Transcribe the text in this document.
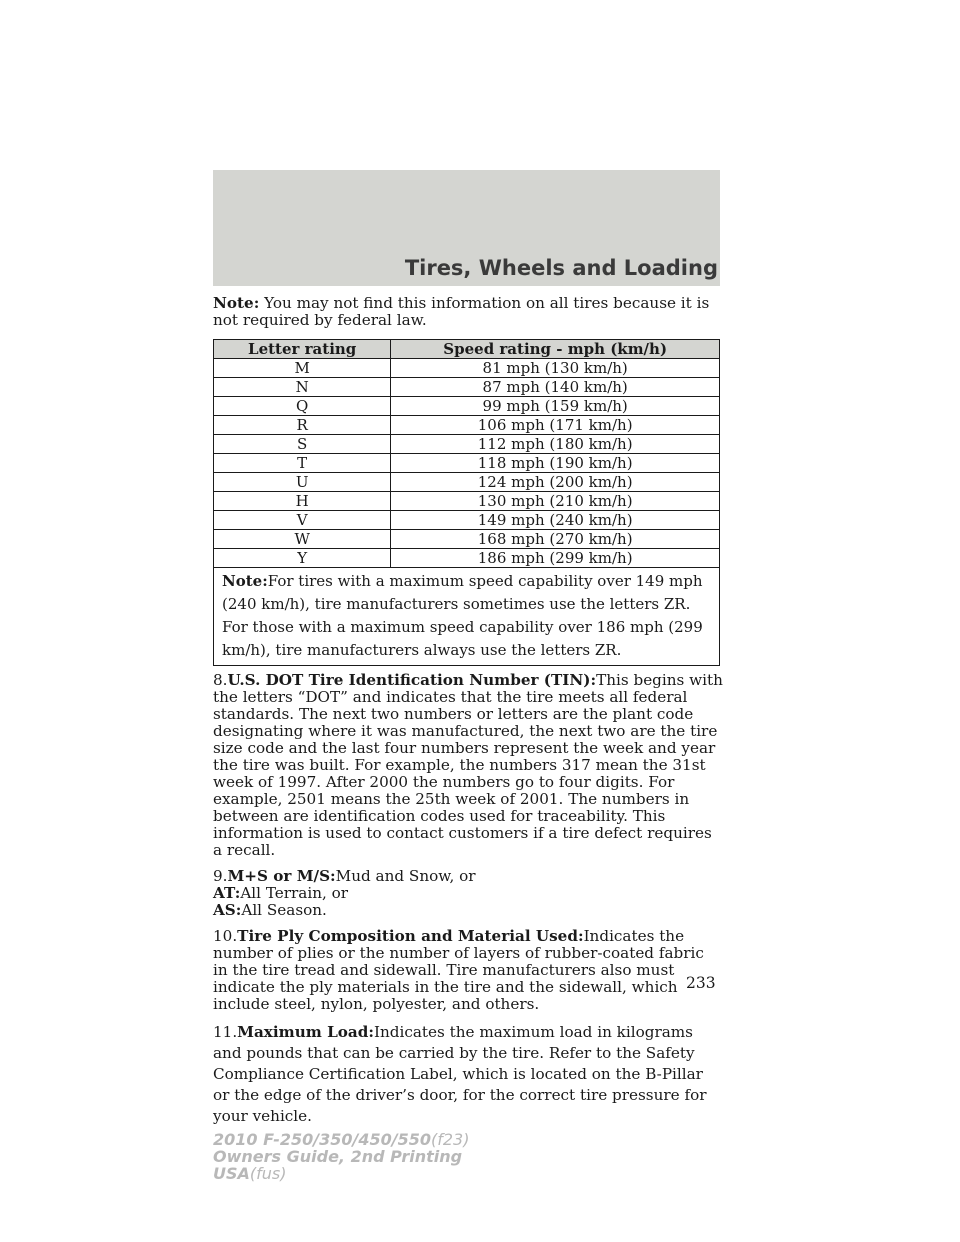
Tires, Wheels and Loading

Note: You may not find this information on all tires because it is not required by federal law.

Letter rating	Speed rating - mph (km/h)
M	81 mph (130 km/h)
N	87 mph (140 km/h)
Q	99 mph (159 km/h)
R	106 mph (171 km/h)
S	112 mph (180 km/h)
T	118 mph (190 km/h)
U	124 mph (200 km/h)
H	130 mph (210 km/h)
V	149 mph (240 km/h)
W	168 mph (270 km/h)
Y	186 mph (299 km/h)
Note:For tires with a maximum speed capability over 149 mph (240 km/h), tire manufacturers sometimes use the letters ZR. For those with a maximum speed capability over 186 mph (299 km/h), tire manufacturers always use the letters ZR.	

8.U.S. DOT Tire Identification Number (TIN):This begins with the letters “DOT” and indicates that the tire meets all federal standards. The next two numbers or letters are the plant code designating where it was manufactured, the next two are the tire size code and the last four numbers represent the week and year the tire was built. For example, the numbers 317 mean the 31st week of 1997. After 2000 the numbers go to four digits. For example, 2501 means the 25th week of 2001. The numbers in between are identification codes used for traceability. This information is used to contact customers if a tire defect requires a recall.

9.M+S or M/S:Mud and Snow, or

AT:All Terrain, or

AS:All Season.

10.Tire Ply Composition and Material Used:Indicates the number of plies or the number of layers of rubber-coated fabric in the tire tread and sidewall. Tire manufacturers also must indicate the ply materials in the tire and the sidewall, which include steel, nylon, polyester, and others.

11.Maximum Load:Indicates the maximum load in kilograms and pounds that can be carried by the tire. Refer to the Safety Compliance Certification Label, which is located on the B-Pillar or the edge of the driver’s door, for the correct tire pressure for your vehicle.

233
2010 F-250/350/450/550(f23)
Owners Guide, 2nd Printing
USA(fus)
